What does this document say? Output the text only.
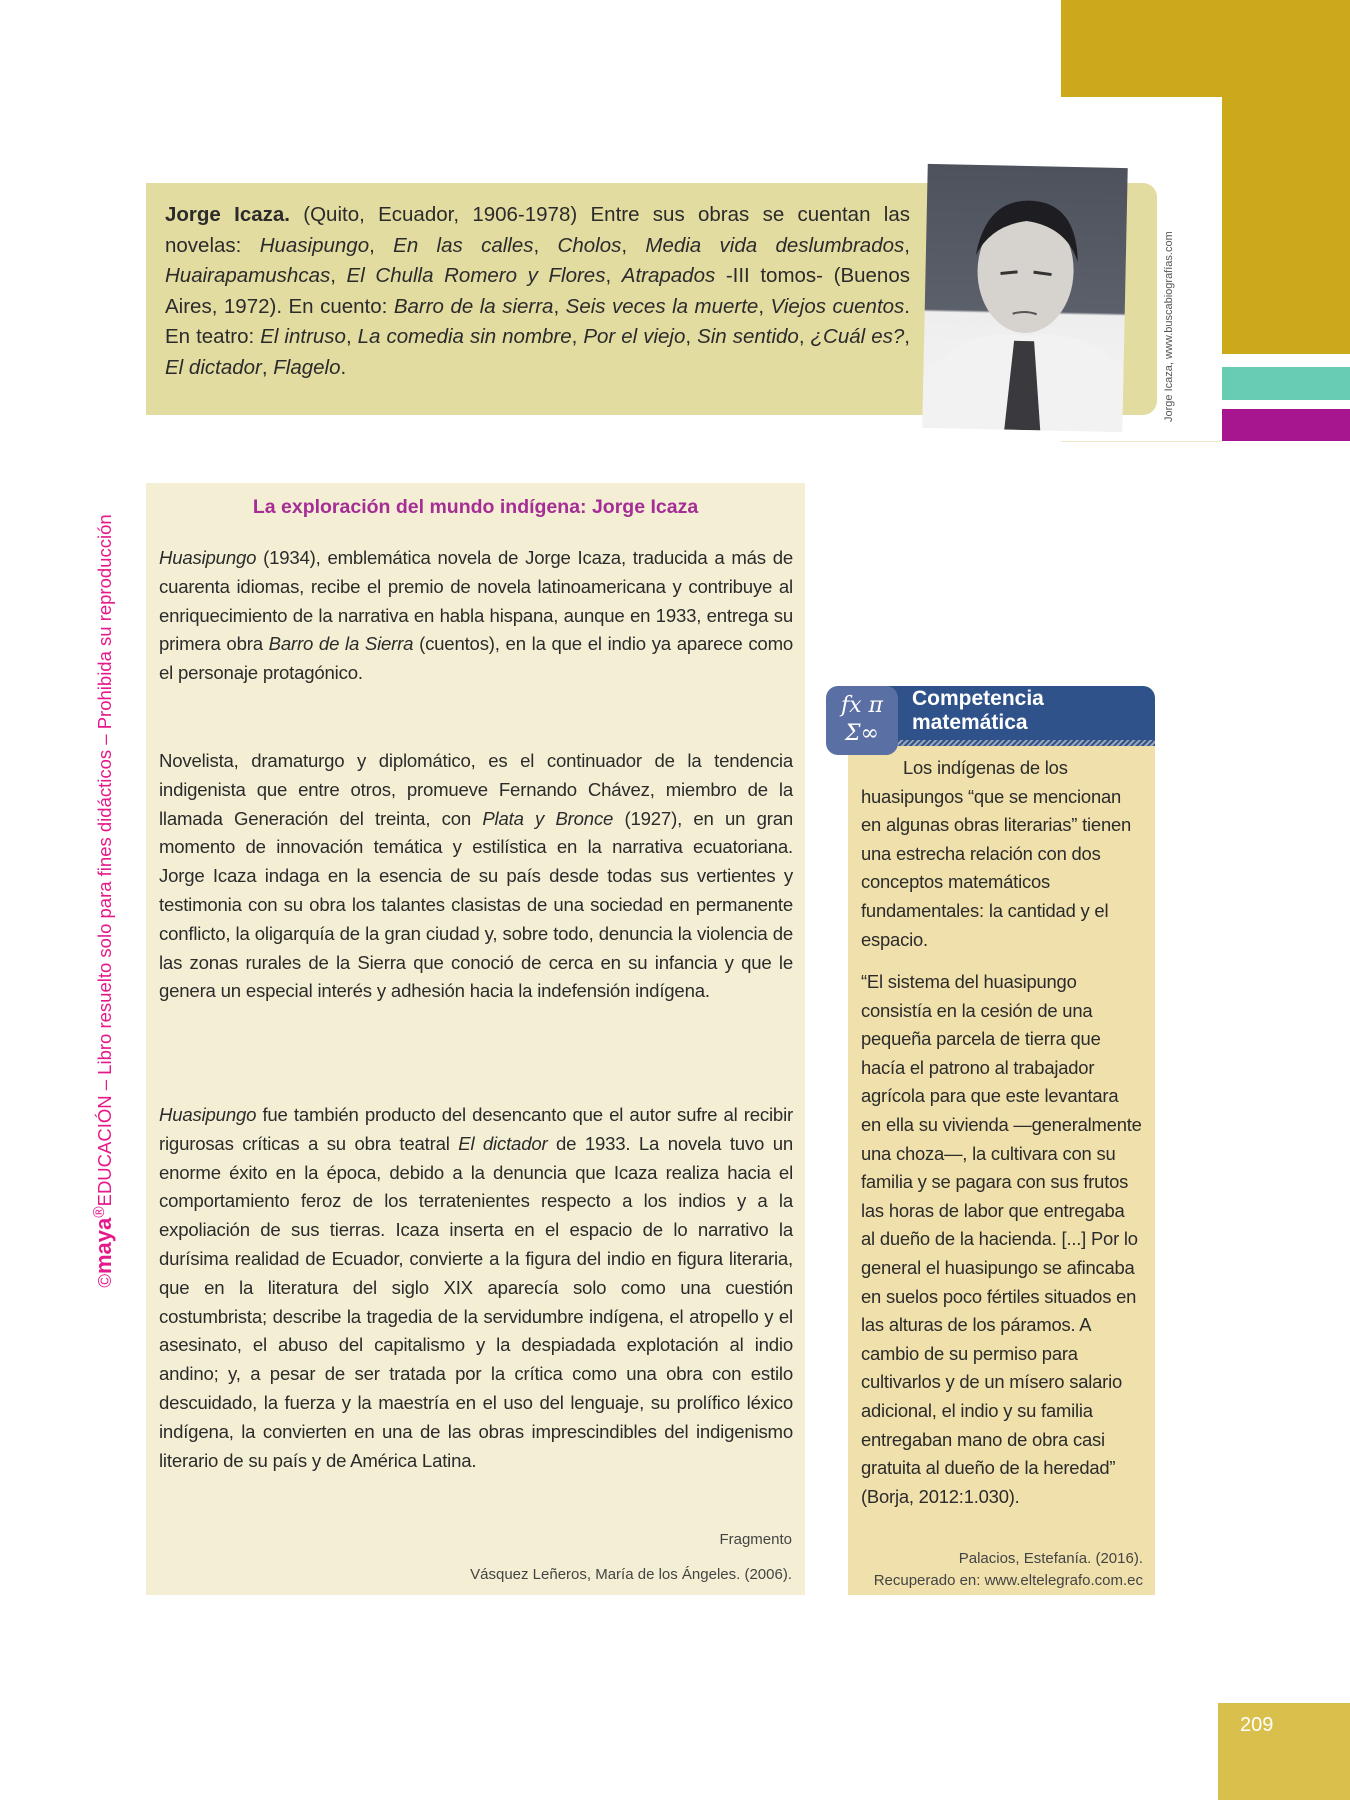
Jorge Icaza. (Quito, Ecuador, 1906-1978) Entre sus obras se cuentan las novelas: Huasipungo, En las calles, Cholos, Media vida deslumbrados, Huairapamushcas, El Chulla Romero y Flores, Atrapados -III tomos- (Buenos Aires, 1972). En cuento: Barro de la sierra, Seis veces la muerte, Viejos cuentos. En teatro: El intruso, La comedia sin nombre, Por el viejo, Sin sentido, ¿Cuál es?, El dictador, Flagelo.	Jorge Icaza, www.buscabiografías.com
©maya®EDUCACIÓN – Libro resuelto solo para fines didácticos – Prohibida su reproducción
La exploración del mundo indígena: Jorge Icaza
Huasipungo (1934), emblemática novela de Jorge Icaza, traducida a más de cuarenta idiomas, recibe el premio de novela latinoamericana y contribuye al enriquecimiento de la narrativa en habla hispana, aunque en 1933, entrega su primera obra Barro de la Sierra (cuentos), en la que el indio ya aparece como el personaje protagónico.
Novelista, dramaturgo y diplomático, es el continuador de la tendencia indigenista que entre otros, promueve Fernando Chávez, miembro de la llamada Generación del treinta, con Plata y Bronce (1927), en un gran momento de innovación temática y estilística en la narrativa ecuatoriana. Jorge Icaza indaga en la esencia de su país desde todas sus vertientes y testimonia con su obra los talantes clasistas de una sociedad en permanente conflicto, la oligarquía de la gran ciudad y, sobre todo, denuncia la violencia de las zonas rurales de la Sierra que conoció de cerca en su infancia y que le genera un especial interés y adhesión hacia la indefensión indígena.
Huasipungo fue también producto del desencanto que el autor sufre al recibir rigurosas críticas a su obra teatral El dictador de 1933. La novela tuvo un enorme éxito en la época, debido a la denuncia que Icaza realiza hacia el comportamiento feroz de los terratenientes respecto a los indios y a la expoliación de sus tierras. Icaza inserta en el espacio de lo narrativo la durísima realidad de Ecuador, convierte a la figura del indio en figura literaria, que en la literatura del siglo XIX aparecía solo como una cuestión costumbrista; describe la tragedia de la servidumbre indígena, el atropello y el asesinato, el abuso del capitalismo y la despiadada explotación al indio andino; y, a pesar de ser tratada por la crítica como una obra con estilo descuidado, la fuerza y la maestría en el uso del lenguaje, su prolífico léxico indígena, la convierten en una de las obras imprescindibles del indigenismo literario de su país y de América Latina.
Fragmento
Vásquez Leñeros, María de los Ángeles. (2006).
fx π Σ∞
Competencia
matemática
Los indígenas de los huasipungos “que se mencionan en algunas obras literarias” tienen una estrecha relación con dos conceptos matemáticos fundamentales: la cantidad y el espacio.
“El sistema del huasipungo consistía en la cesión de una pequeña parcela de tierra que hacía el patrono al trabajador agrícola para que este levantara en ella su vivienda —generalmente una choza—, la cultivara con su familia y se pagara con sus frutos las horas de labor que entregaba al dueño de la hacienda. [...] Por lo general el huasipungo se afincaba en suelos poco fértiles situados en las alturas de los páramos. A cambio de su permiso para cultivarlos y de un mísero salario adicional, el indio y su familia entregaban mano de obra casi gratuita al dueño de la heredad” (Borja, 2012:1.030).
Palacios, Estefanía. (2016).
Recuperado en: www.eltelegrafo.com.ec
209
